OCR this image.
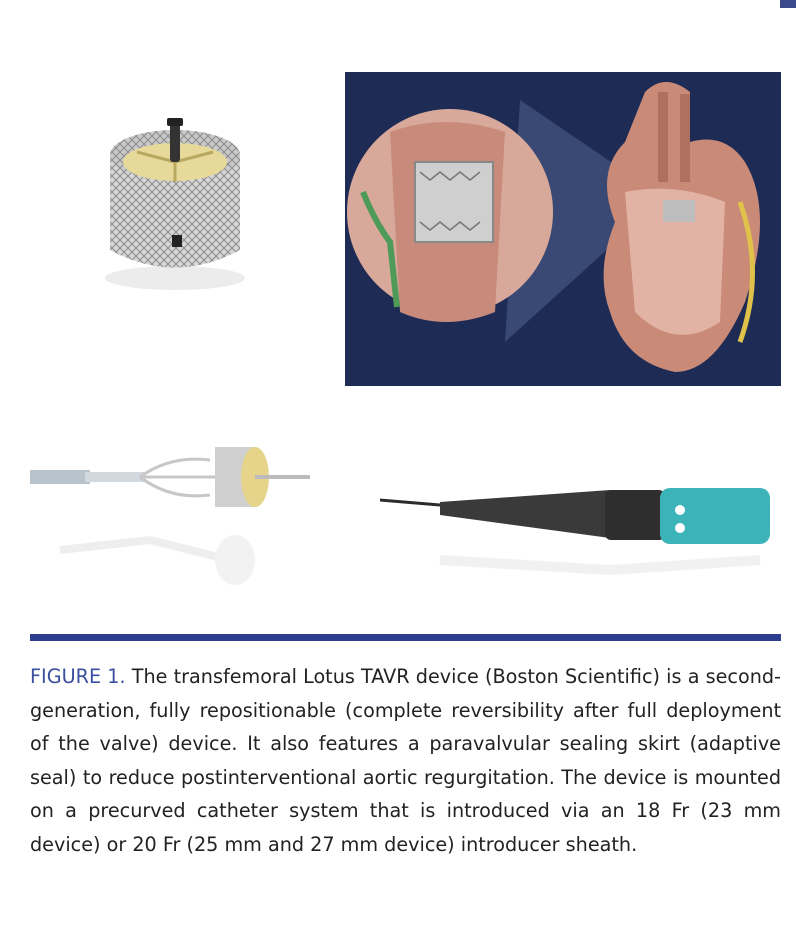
FIGURE 1. The transfemoral Lotus TAVR device (Boston Scientific) is a second-generation, fully repositionable (complete reversibility after full deployment of the valve) device. It also features a paravalvular sealing skirt (adaptive seal) to reduce postinterventional aortic regurgitation. The device is mounted on a precurved catheter system that is introduced via an 18 Fr (23 mm device) or 20 Fr (25 mm and 27 mm device) introducer sheath.
